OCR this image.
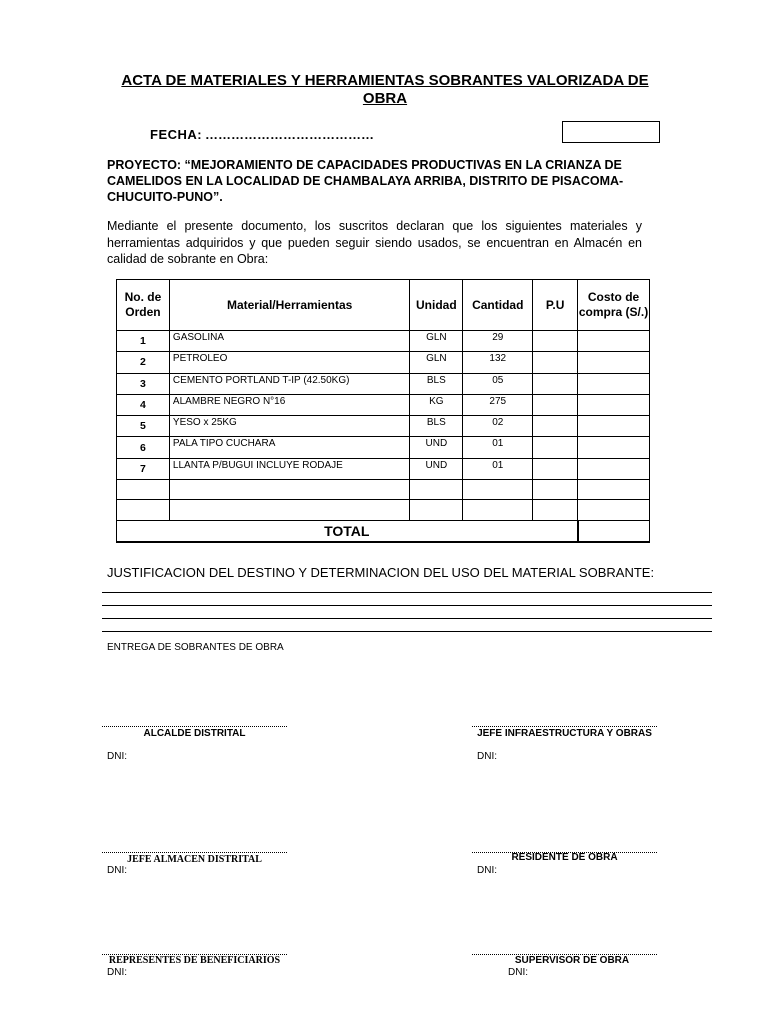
ACTA DE MATERIALES Y HERRAMIENTAS SOBRANTES VALORIZADA DE OBRA
FECHA: …………………………………
PROYECTO: “MEJORAMIENTO DE CAPACIDADES PRODUCTIVAS EN LA CRIANZA DE CAMELIDOS EN LA LOCALIDAD DE CHAMBALAYA ARRIBA, DISTRITO DE PISACOMA-CHUCUITO-PUNO”.
Mediante el presente documento, los suscritos declaran que los siguientes materiales y herramientas adquiridos y que pueden seguir siendo usados, se encuentran en Almacén en calidad de sobrante en Obra:
No. de Orden	Material/Herramientas	Unidad	Cantidad	P.U	Costo de compra (S/.)
1	GASOLINA	GLN	29		
2	PETROLEO	GLN	132		
3	CEMENTO PORTLAND T-IP (42.50KG)	BLS	05		
4	ALAMBRE NEGRO N°16	KG	275		
5	YESO x 25KG	BLS	02		
6	PALA TIPO CUCHARA	UND	01		
7	LLANTA P/BUGUI INCLUYE RODAJE	UND	01		

TOTAL					
JUSTIFICACION DEL DESTINO Y DETERMINACION DEL USO DEL MATERIAL SOBRANTE:
ENTREGA DE SOBRANTES DE OBRA
ALCALDE DISTRITAL
DNI:
JEFE INFRAESTRUCTURA Y OBRAS
DNI:
JEFE ALMACEN DISTRITAL
DNI:
RESIDENTE DE OBRA
DNI:
REPRESENTES DE BENEFICIARIOS
DNI:
SUPERVISOR DE OBRA
DNI:
